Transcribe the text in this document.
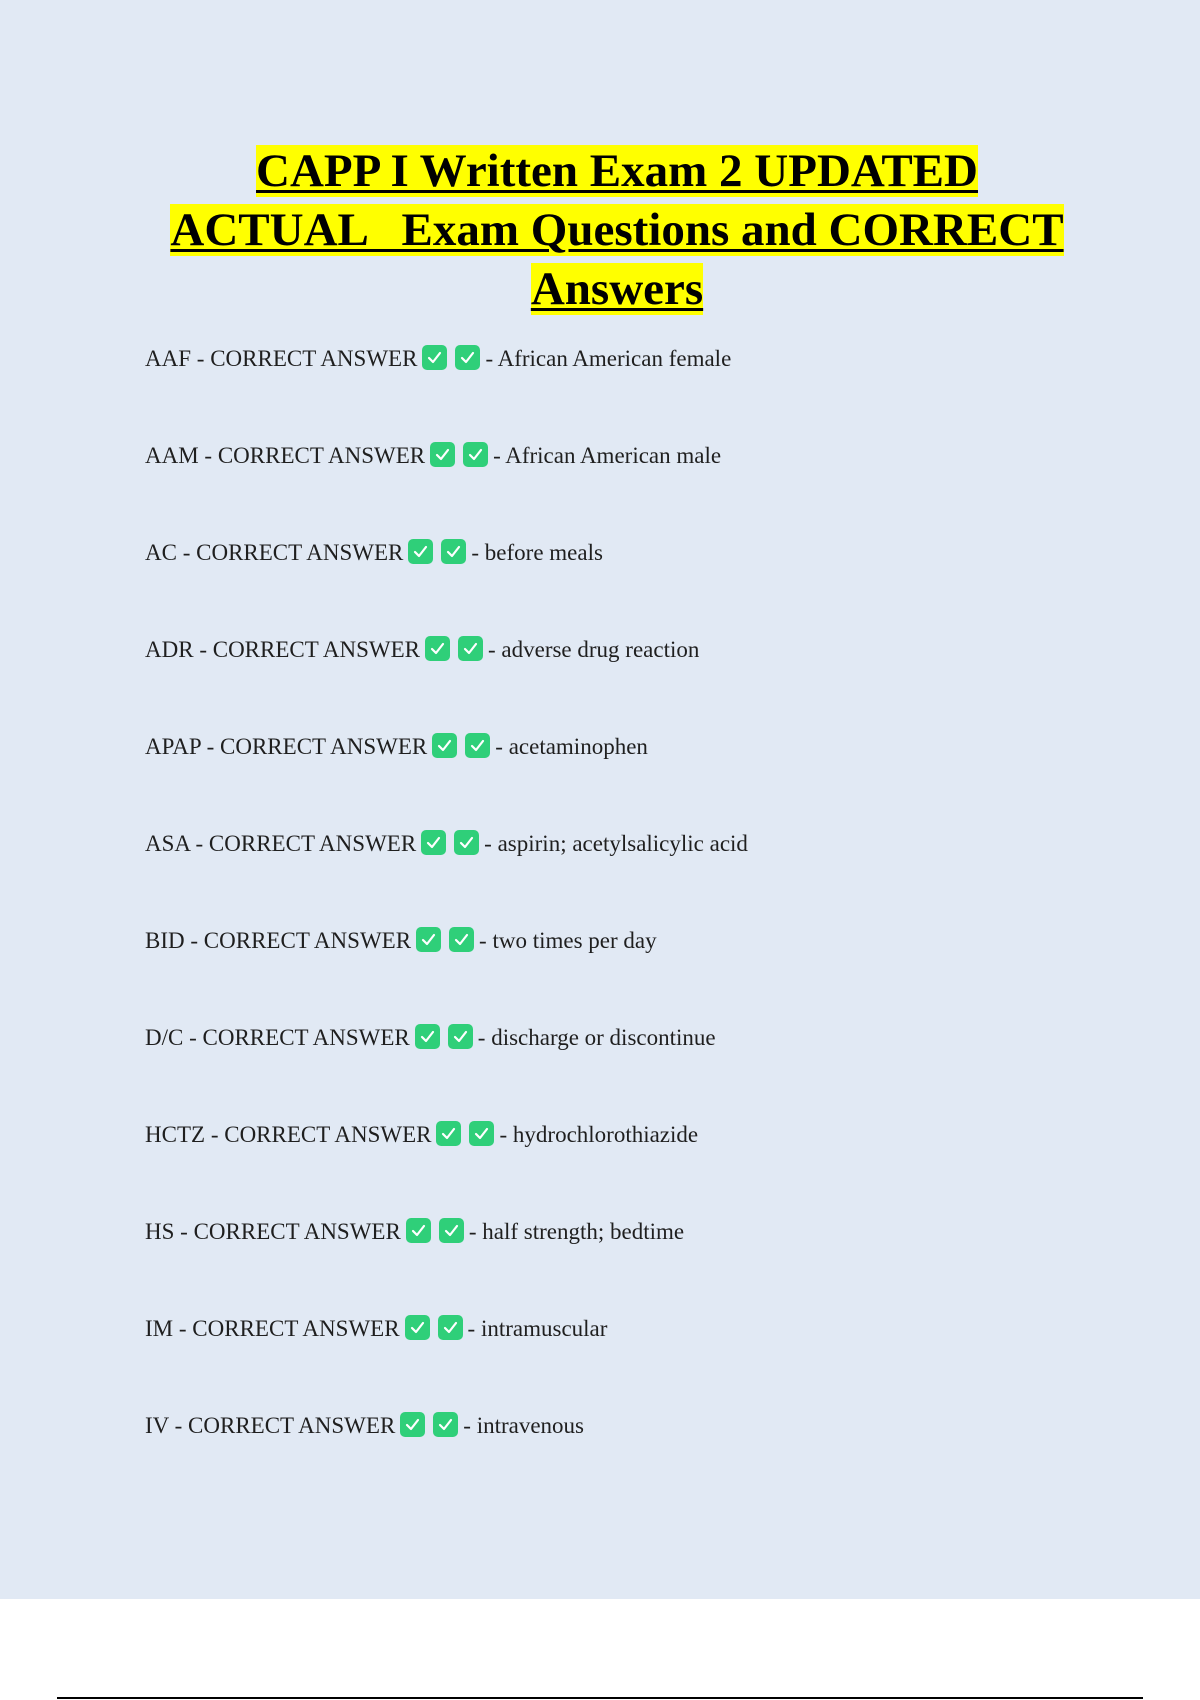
CAPP I Written Exam 2 UPDATED
ACTUAL   Exam Questions and CORRECT
Answers
AAF - CORRECT ANSWER	- African American female
AAM - CORRECT ANSWER	- African American male
AC - CORRECT ANSWER	- before meals
ADR - CORRECT ANSWER	- adverse drug reaction
APAP - CORRECT ANSWER	- acetaminophen
ASA - CORRECT ANSWER	- aspirin; acetylsalicylic acid
BID - CORRECT ANSWER	- two times per day
D/C - CORRECT ANSWER	- discharge or discontinue
HCTZ - CORRECT ANSWER	- hydrochlorothiazide
HS - CORRECT ANSWER	- half strength; bedtime
IM - CORRECT ANSWER	- intramuscular
IV - CORRECT ANSWER	- intravenous
